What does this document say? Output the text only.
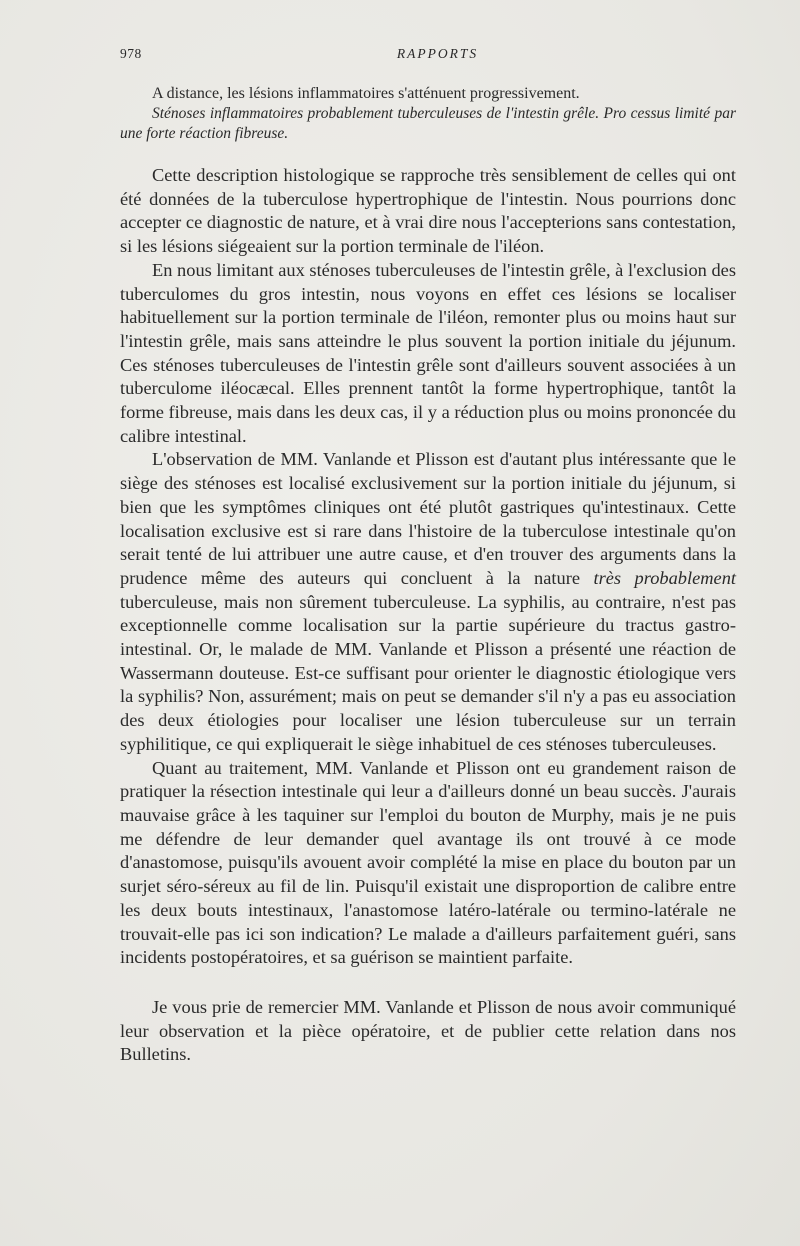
978	RAPPORTS

A distance, les lésions inflammatoires s'atténuent progressivement.

Sténoses inflammatoires probablement tuberculeuses de l'intestin grêle. Pro cessus limité par une forte réaction fibreuse.

Cette description histologique se rapproche très sensiblement de celles qui ont été données de la tuberculose hypertrophique de l'intestin. Nous pourrions donc accepter ce diagnostic de nature, et à vrai dire nous l'accepterions sans contestation, si les lésions siégeaient sur la portion terminale de l'iléon.

En nous limitant aux sténoses tuberculeuses de l'intestin grêle, à l'exclusion des tuberculomes du gros intestin, nous voyons en effet ces lésions se localiser habituellement sur la portion terminale de l'iléon, remonter plus ou moins haut sur l'intestin grêle, mais sans atteindre le plus souvent la portion initiale du jéjunum. Ces sténoses tuberculeuses de l'intestin grêle sont d'ailleurs souvent associées à un tuberculome iléocæcal. Elles prennent tantôt la forme hypertrophique, tantôt la forme fibreuse, mais dans les deux cas, il y a réduction plus ou moins prononcée du calibre intestinal.

L'observation de MM. Vanlande et Plisson est d'autant plus intéressante que le siège des sténoses est localisé exclusivement sur la portion initiale du jéjunum, si bien que les symptômes cliniques ont été plutôt gastriques qu'intestinaux. Cette localisation exclusive est si rare dans l'histoire de la tuberculose intestinale qu'on serait tenté de lui attribuer une autre cause, et d'en trouver des arguments dans la prudence même des auteurs qui concluent à la nature très probablement tuberculeuse, mais non sûrement tuberculeuse. La syphilis, au contraire, n'est pas exceptionnelle comme localisation sur la partie supérieure du tractus gastro-intestinal. Or, le malade de MM. Vanlande et Plisson a présenté une réaction de Wassermann douteuse. Est-ce suffisant pour orienter le diagnostic étiologique vers la syphilis? Non, assurément; mais on peut se demander s'il n'y a pas eu association des deux étiologies pour localiser une lésion tuberculeuse sur un terrain syphilitique, ce qui expliquerait le siège inhabituel de ces sténoses tuberculeuses.

Quant au traitement, MM. Vanlande et Plisson ont eu grandement raison de pratiquer la résection intestinale qui leur a d'ailleurs donné un beau succès. J'aurais mauvaise grâce à les taquiner sur l'emploi du bouton de Murphy, mais je ne puis me défendre de leur demander quel avantage ils ont trouvé à ce mode d'anastomose, puisqu'ils avouent avoir complété la mise en place du bouton par un surjet séro-séreux au fil de lin. Puisqu'il existait une disproportion de calibre entre les deux bouts intestinaux, l'anastomose latéro-latérale ou termino-latérale ne trouvait-elle pas ici son indication? Le malade a d'ailleurs parfaitement guéri, sans incidents postopératoires, et sa guérison se maintient parfaite.

Je vous prie de remercier MM. Vanlande et Plisson de nous avoir communiqué leur observation et la pièce opératoire, et de publier cette relation dans nos Bulletins.
